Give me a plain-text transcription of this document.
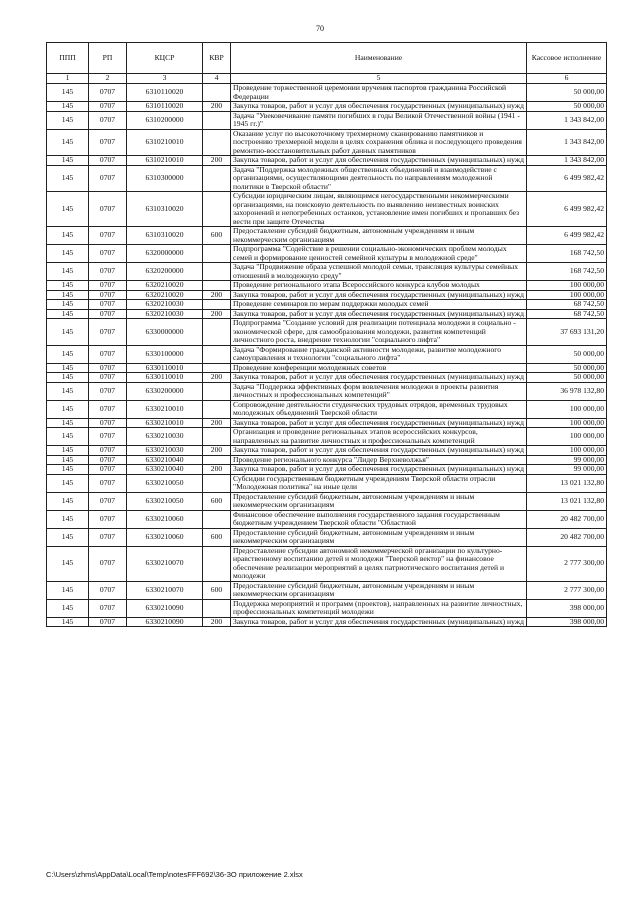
70
ППП	РП	КЦСР	КВР	Наименование	Кассовое исполнение
1	2	3	4	5	6
145	0707	6310110020		Проведение торжественной церемонии вручения паспортов гражданина Российской Федерации	50 000,00
145	0707	6310110020	200	Закупка товаров, работ и услуг для обеспечения государственных (муниципальных) нужд	50 000,00
145	0707	6310200000		Задача "Увековечивание памяти погибших в годы Великой Отечественной войны (1941 - 1945 гг.)"	1 343 842,00
145	0707	6310210010		Оказание услуг по высокоточному трехмерному сканированию памятников и построению трехмерной модели в целях сохранения облика и последующего проведения ремонтно-восстановительных работ данных памятников	1 343 842,00
145	0707	6310210010	200	Закупка товаров, работ и услуг для обеспечения государственных (муниципальных) нужд	1 343 842,00
145	0707	6310300000		Задача "Поддержка молодежных общественных объединений и взаимодействие с организациями, осуществляющими деятельность по направлениям молодежной политики в Тверской области"	6 499 982,42
145	0707	6310310020		Субсидии юридическим лицам, являющимся негосударственными некоммерческими организациями, на поисковую деятельность по выявлению неизвестных воинских захоронений и непогребенных останков, установление имен погибших и пропавших без вести при защите Отечества	6 499 982,42
145	0707	6310310020	600	Предоставление субсидий бюджетным, автономным учреждениям и иным некоммерческим организациям	6 499 982,42
145	0707	6320000000		Подпрограмма "Содействие в решении социально-экономических проблем молодых семей и формирование ценностей семейной культуры в молодежной среде"	168 742,50
145	0707	6320200000		Задача "Продвижение образа успешной молодой семьи, трансляция культуры семейных отношений в молодежную среду"	168 742,50
145	0707	6320210020		Проведение регионального этапа Всероссийского конкурса клубов молодых	100 000,00
145	0707	6320210020	200	Закупка товаров, работ и услуг для обеспечения государственных (муниципальных) нужд	100 000,00
145	0707	6320210030		Проведение семинаров по мерам поддержки молодых семей	68 742,50
145	0707	6320210030	200	Закупка товаров, работ и услуг для обеспечения государственных (муниципальных) нужд	68 742,50
145	0707	6330000000		Подпрограмма "Создание условий для реализации потенциала молодежи в социально - экономической сфере, для самообразования молодежи, развития компетенций личностного роста, внедрение технологии "социального лифта"	37 693 131,20
145	0707	6330100000		Задача "Формирование гражданской активности молодежи, развитие молодежного самоуправления и технологии "социального лифта"	50 000,00
145	0707	6330110010		Проведение конференции молодежных советов	50 000,00
145	0707	6330110010	200	Закупка товаров, работ и услуг для обеспечения государственных (муниципальных) нужд	50 000,00
145	0707	6330200000		Задача "Поддержка эффективных форм вовлечения молодежи в проекты развития личностных и профессиональных компетенций"	36 978 132,80
145	0707	6330210010		Сопровождение деятельности студенческих трудовых отрядов, временных трудовых молодежных объединений Тверской области	100 000,00
145	0707	6330210010	200	Закупка товаров, работ и услуг для обеспечения государственных (муниципальных) нужд	100 000,00
145	0707	6330210030		Организация и проведение региональных этапов всероссийских конкурсов, направленных на развитие личностных и профессиональных компетенций	100 000,00
145	0707	6330210030	200	Закупка товаров, работ и услуг для обеспечения государственных (муниципальных) нужд	100 000,00
145	0707	6330210040		Проведение регионального конкурса "Лидер Верхневолжья"	99 000,00
145	0707	6330210040	200	Закупка товаров, работ и услуг для обеспечения государственных (муниципальных) нужд	99 000,00
145	0707	6330210050		Субсидии государственным бюджетным учреждениям Тверской области отрасли "Молодежная политика" на иные цели	13 021 132,80
145	0707	6330210050	600	Предоставление субсидий бюджетным, автономным учреждениям и иным некоммерческим организациям	13 021 132,80
145	0707	6330210060		Финансовое обеспечение выполнения государственного задания государственным бюджетным учреждением Тверской области "Областной	20 482 700,00
145	0707	6330210060	600	Предоставление субсидий бюджетным, автономным учреждениям и иным некоммерческим организациям	20 482 700,00
145	0707	6330210070		Предоставление субсидии автономной некоммерческой организации по культурно-нравственному воспитанию детей и молодежи "Тверской вектор" на финансовое обеспечение реализации мероприятий в целях патриотического воспитания детей и молодежи	2 777 300,00
145	0707	6330210070	600	Предоставление субсидий бюджетным, автономным учреждениям и иным некоммерческим организациям	2 777 300,00
145	0707	6330210090		Поддержка мероприятий и программ (проектов), направленных на развитие личностных, профессиональных компетенций молодежи	398 000,00
145	0707	6330210090	200	Закупка товаров, работ и услуг для обеспечения государственных (муниципальных) нужд	398 000,00
C:\Users\zhms\AppData\Local\Temp\notesFFF692\36-ЗО приложение 2.xlsx
